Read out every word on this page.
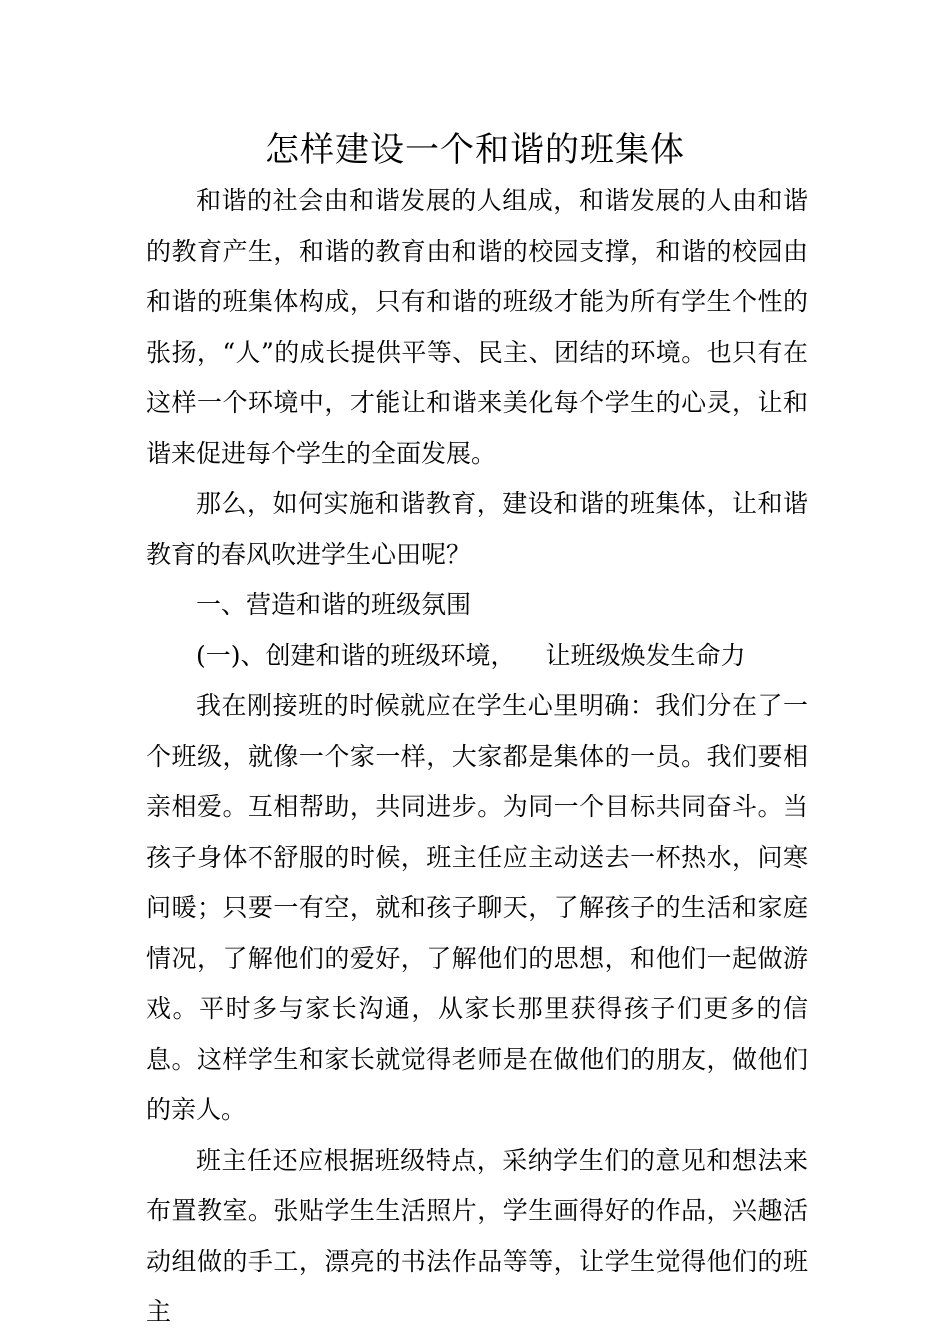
怎样建设一个和谐的班集体

和谐的社会由和谐发展的人组成，和谐发展的人由和谐的教育产生，和谐的教育由和谐的校园支撑，和谐的校园由和谐的班集体构成，只有和谐的班级才能为所有学生个性的张扬，“人”的成长提供平等、民主、团结的环境。也只有在这样一个环境中，才能让和谐来美化每个学生的心灵，让和谐来促进每个学生的全面发展。

那么，如何实施和谐教育，建设和谐的班集体，让和谐教育的春风吹进学生心田呢？

一、营造和谐的班级氛围

(一)、创建和谐的班级环境， 让班级焕发生命力

我在刚接班的时候就应在学生心里明确：我们分在了一个班级，就像一个家一样，大家都是集体的一员。我们要相亲相爱。互相帮助，共同进步。为同一个目标共同奋斗。当孩子身体不舒服的时候，班主任应主动送去一杯热水，问寒问暖；只要一有空，就和孩子聊天，了解孩子的生活和家庭情况，了解他们的爱好，了解他们的思想，和他们一起做游戏。平时多与家长沟通，从家长那里获得孩子们更多的信息。这样学生和家长就觉得老师是在做他们的朋友，做他们的亲人。

班主任还应根据班级特点，采纳学生们的意见和想法来布置教室。张贴学生生活照片，学生画得好的作品，兴趣活动组做的手工，漂亮的书法作品等等，让学生觉得他们的班主
